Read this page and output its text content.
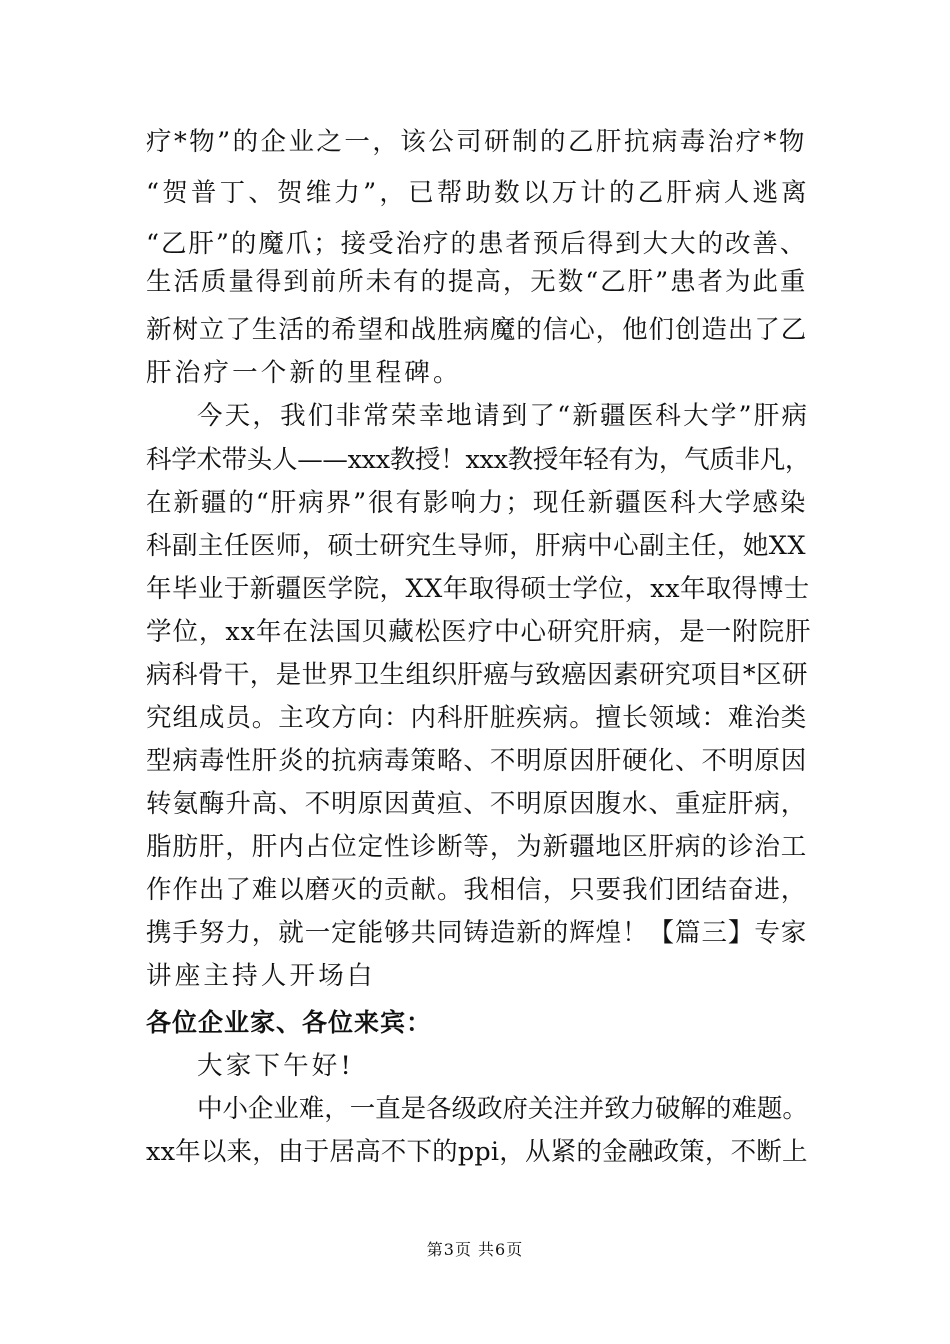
疗*物”的企业之一，该公司研制的乙肝抗病毒治疗*物
“贺普丁、贺维力”，已帮助数以万计的乙肝病人逃离
“乙肝”的魔爪；接受治疗的患者预后得到大大的改善、
生活质量得到前所未有的提高，无数“乙肝”患者为此重
新树立了生活的希望和战胜病魔的信心，他们创造出了乙
肝治疗一个新的里程碑。
今天，我们非常荣幸地请到了“新疆医科大学”肝病
科学术带头人——xxx教授！xxx教授年轻有为，气质非凡，
在新疆的“肝病界”很有影响力；现任新疆医科大学感染
科副主任医师，硕士研究生导师，肝病中心副主任，她XX
年毕业于新疆医学院，XX年取得硕士学位，xx年取得博士
学位，xx年在法国贝藏松医疗中心研究肝病，是一附院肝
病科骨干，是世界卫生组织肝癌与致癌因素研究项目*区研
究组成员。主攻方向：内科肝脏疾病。擅长领域：难治类
型病毒性肝炎的抗病毒策略、不明原因肝硬化、不明原因
转氨酶升高、不明原因黄疸、不明原因腹水、重症肝病，
脂肪肝，肝内占位定性诊断等，为新疆地区肝病的诊治工
作作出了难以磨灭的贡献。我相信，只要我们团结奋进，
携手努力，就一定能够共同铸造新的辉煌！【篇三】专家
讲座主持人开场白
各位企业家、各位来宾：
大家下午好!
中小企业难，一直是各级政府关注并致力破解的难题。
xx年以来，由于居高不下的ppi，从紧的金融政策，不断上
第3页 共6页
